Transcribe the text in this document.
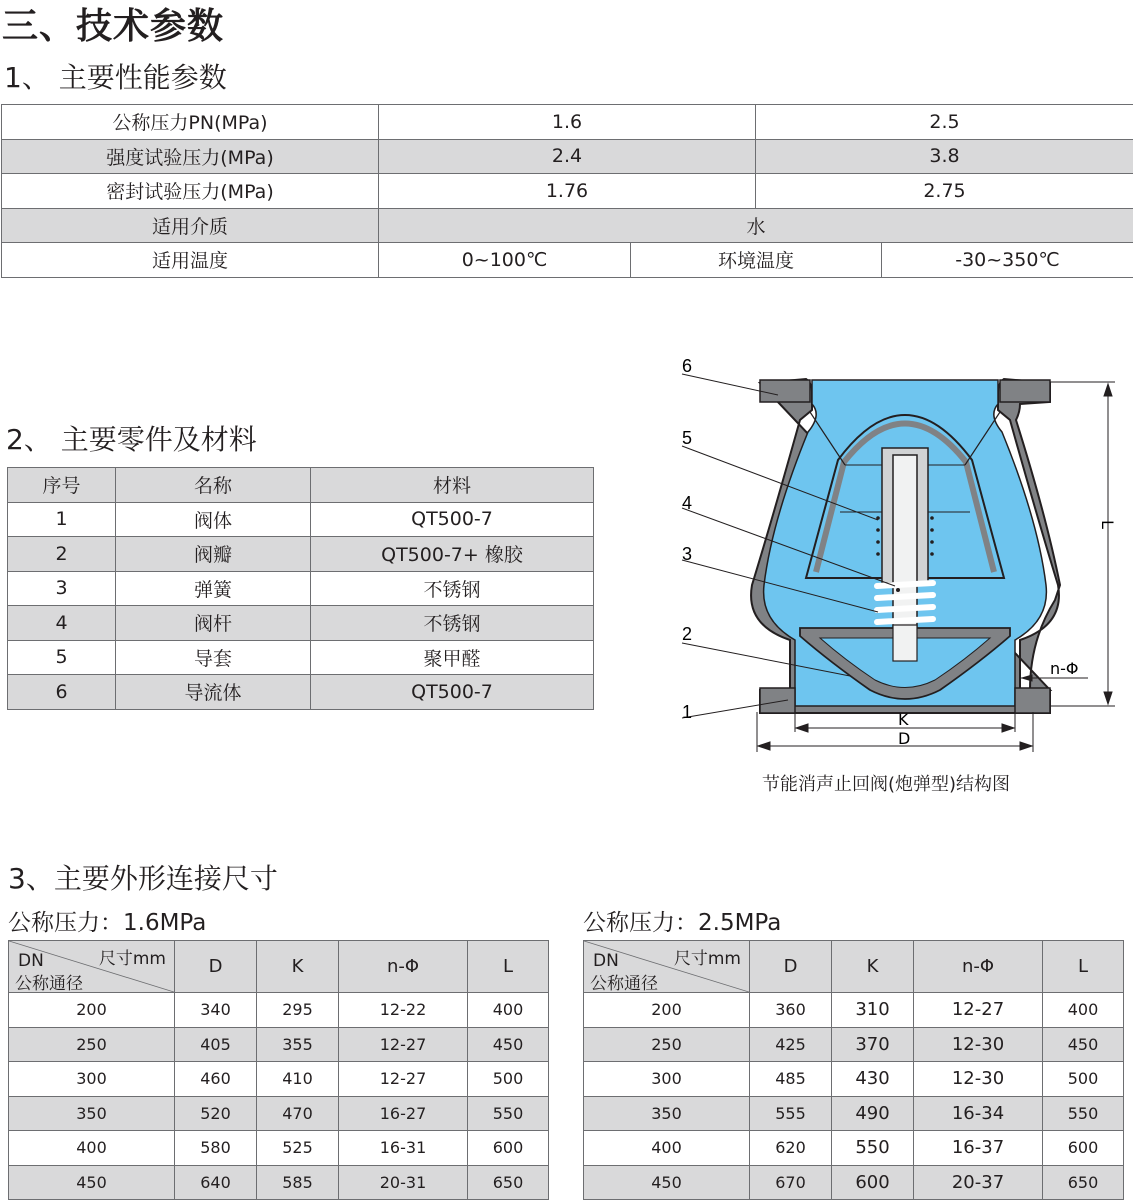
三、技术参数
1、 主要性能参数
公称压力PN(MPa)	1.6		2.5	
强度试验压力(MPa)	2.4		3.8	
密封试验压力(MPa)	1.76		2.75	
适用介质	水			
适用温度	0~100℃	环境温度		-30~350℃
2、 主要零件及材料
序号	名称	材料
1	阀体	QT500-7
2	阀瓣	QT500-7+ 橡胶
3	弹簧	不锈钢
4	阀杆	不锈钢
5	导套	聚甲醛
6	导流体	QT500-7
6
5
4
3
2
1
L
K
D
n-Φ
节能消声止回阀(炮弹型)结构图
3、主要外形连接尺寸
公称压力：1.6MPa	公称压力：2.5MPa
尺寸mm
DN
公称通径	D	K	n-Φ	L
200	340	295	12-22	400
250	405	355	12-27	450
300	460	410	12-27	500
350	520	470	16-27	550
400	580	525	16-31	600
450	640	585	20-31	650
尺寸mm
DN
公称通径	D	K	n-Φ	L
200	360	310	12-27	400
250	425	370	12-30	450
300	485	430	12-30	500
350	555	490	16-34	550
400	620	550	16-37	600
450	670	600	20-37	650
